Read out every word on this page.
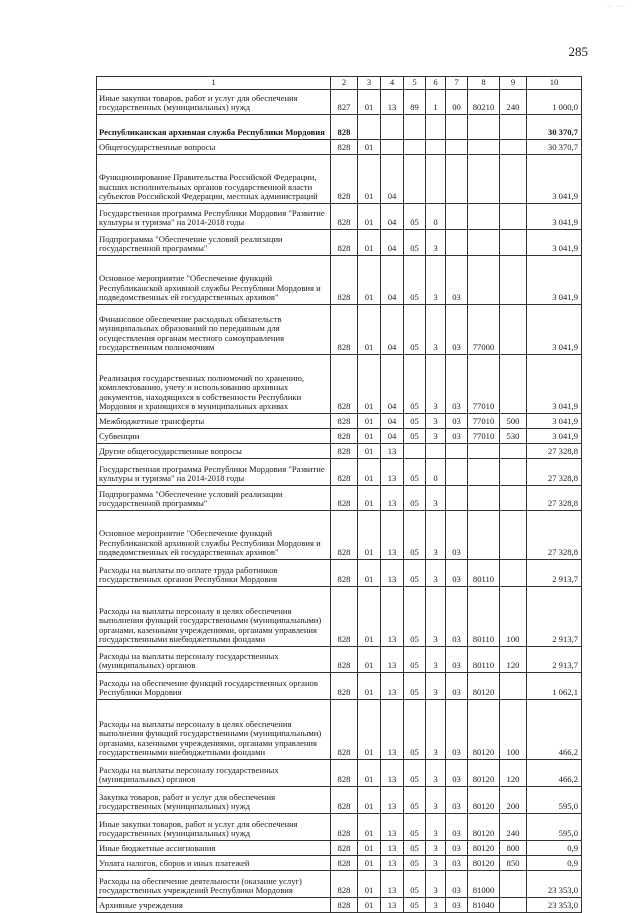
· ·· ····
285
1	2	3	4	5	6	7	8	9	10
Иные закупки товаров, работ и услуг для обеспечения государственных (муниципальных) нужд	827	01	13	89	1	00	80210	240	1 000,0
Республиканская архивная служба Республики Мордовия	828								30 370,7
Общегосударственные вопросы	828	01							30 370,7
Функционирование Правительства Российской Федерации, высших исполнительных органов государственной власти субъектов Российской Федерации, местных администраций	828	01	04						3 041,9
Государственная программа Республики Мордовия "Развитие культуры и туризма" на 2014-2018 годы	828	01	04	05	0				3 041,9
Подпрограмма "Обеспечение условий реализации государственной программы"	828	01	04	05	3				3 041,9
Основное мероприятие "Обеспечение функций Республиканской архивной службы Республики Мордовия и подведомственных ей государственных архивов"	828	01	04	05	3	03			3 041,9
Финансовое обеспечение расходных обязательств муниципальных образований по переданным для осуществления органам местного самоуправления государственным полномочиям	828	01	04	05	3	03	77000		3 041,9
Реализация государственных полномочий по хранению, комплектованию, учету и использованию архивных документов, находящихся в собственности Республики Мордовия и хранящихся в муниципальных архивах	828	01	04	05	3	03	77010		3 041,9
Межбюджетные трансферты	828	01	04	05	3	03	77010	500	3 041,9
Субвенции	828	01	04	05	3	03	77010	530	3 041,9
Другие общегосударственные вопросы	828	01	13						27 328,8
Государственная программа Республики Мордовия "Развитие культуры и туризма" на 2014-2018 годы	828	01	13	05	0				27 328,8
Подпрограмма "Обеспечение условий реализации государственной программы"	828	01	13	05	3				27 328,8
Основное мероприятие "Обеспечение функций Республиканской архивной службы Республики Мордовия и подведомственных ей государственных архивов"	828	01	13	05	3	03			27 328,8
Расходы на выплаты по оплате труда работников государственных органов Республики Мордовия	828	01	13	05	3	03	80110		2 913,7
Расходы на выплаты персоналу в целях обеспечения выполнения функций государственными (муниципальными) органами, казенными учреждениями, органами управления государственными внебюджетными фондами	828	01	13	05	3	03	80110	100	2 913,7
Расходы на выплаты персоналу государственных (муниципальных) органов	828	01	13	05	3	03	80110	120	2 913,7
Расходы на обеспечение функций государственных органов Республики Мордовия	828	01	13	05	3	03	80120		1 062,1
Расходы на выплаты персоналу в целях обеспечения выполнения функций государственными (муниципальными) органами, казенными учреждениями, органами управления государственными внебюджетными фондами	828	01	13	05	3	03	80120	100	466,2
Расходы на выплаты персоналу государственных (муниципальных) органов	828	01	13	05	3	03	80120	120	466,2
Закупка товаров, работ и услуг для обеспечения государственных (муниципальных) нужд	828	01	13	05	3	03	80120	200	595,0
Иные закупки товаров, работ и услуг для обеспечения государственных (муниципальных) нужд	828	01	13	05	3	03	80120	240	595,0
Иные бюджетные ассигнования	828	01	13	05	3	03	80120	800	0,9
Уплата налогов, сборов и иных платежей	828	01	13	05	3	03	80120	850	0,9
Расходы на обеспечение деятельности (оказание услуг) государственных учреждений Республики Мордовия	828	01	13	05	3	03	81000		23 353,0
Архивные учреждения	828	01	13	05	3	03	81040		23 353,0
